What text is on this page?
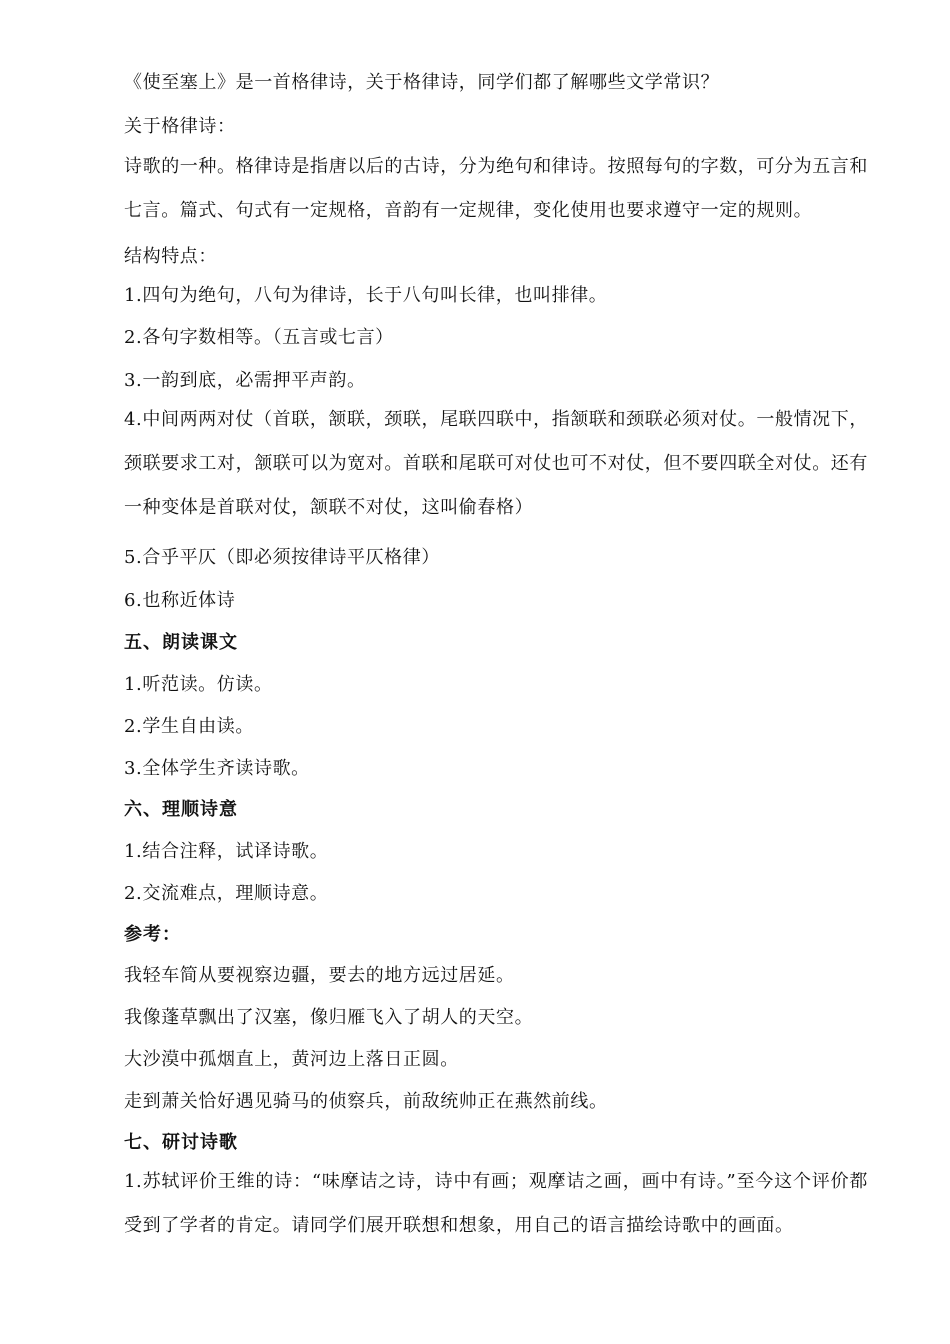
《使至塞上》是一首格律诗，关于格律诗，同学们都了解哪些文学常识？
关于格律诗：
诗歌的一种。格律诗是指唐以后的古诗，分为绝句和律诗。按照每句的字数，可分为五言和七言。篇式、句式有一定规格，音韵有一定规律，变化使用也要求遵守一定的规则。
结构特点：
1.四句为绝句，八句为律诗，长于八句叫长律，也叫排律。
2.各句字数相等。（五言或七言）
3.一韵到底，必需押平声韵。
4.中间两两对仗（首联，颔联，颈联，尾联四联中，指颔联和颈联必须对仗。一般情况下，颈联要求工对，颔联可以为宽对。首联和尾联可对仗也可不对仗，但不要四联全对仗。还有一种变体是首联对仗，颔联不对仗，这叫偷春格）
5.合乎平仄（即必须按律诗平仄格律）
6.也称近体诗
五、朗读课文
1.听范读。仿读。
2.学生自由读。
3.全体学生齐读诗歌。
六、理顺诗意
1.结合注释，试译诗歌。
2.交流难点，理顺诗意。
参考：
我轻车简从要视察边疆，要去的地方远过居延。
我像蓬草飘出了汉塞，像归雁飞入了胡人的天空。
大沙漠中孤烟直上，黄河边上落日正圆。
走到萧关恰好遇见骑马的侦察兵，前敌统帅正在燕然前线。
七、研讨诗歌
1.苏轼评价王维的诗：“味摩诘之诗，诗中有画；观摩诘之画，画中有诗。”至今这个评价都受到了学者的肯定。请同学们展开联想和想象，用自己的语言描绘诗歌中的画面。
